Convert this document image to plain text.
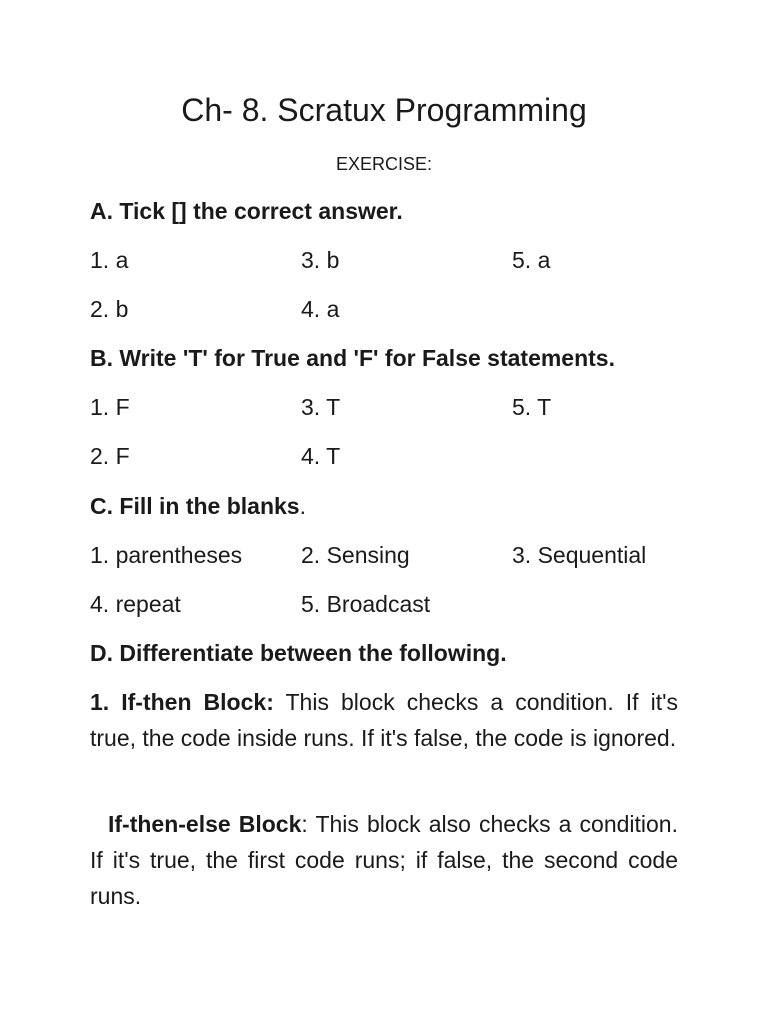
Ch- 8. Scratux Programming

EXERCISE:

A. Tick [] the correct answer.

1. a	3. b	5. a
2. b	4. a

B. Write 'T' for True and 'F' for False statements.

1. F	3. T	5. T
2. F	4. T

C. Fill in the blanks.

1. parentheses	2. Sensing	3. Sequential
4. repeat	5. Broadcast

D. Differentiate between the following.

1. If-then Block: This block checks a condition. If it's true, the code inside runs. If it's false, the code is ignored.

If-then-else Block: This block also checks a condition. If it's true, the first code runs; if false, the second code runs.
